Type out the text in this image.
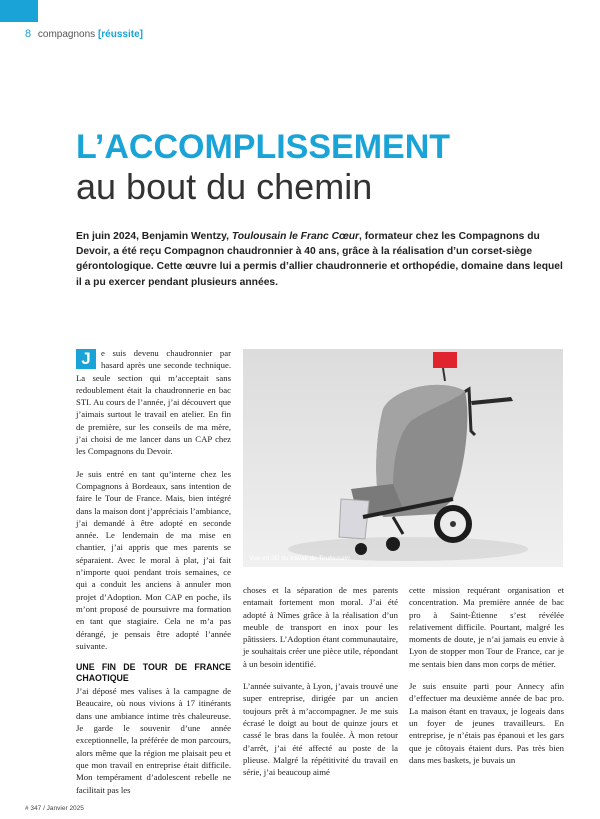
8 compagnons [réussite]
L’ACCOMPLISSEMENT
au bout du chemin

En juin 2024, Benjamin Wentzy, Toulousain le Franc Cœur, formateur chez les Compagnons du Devoir, a été reçu Compagnon chaudronnier à 40 ans, grâce à la réalisation d’un corset-siège gérontologique. Cette œuvre lui a permis d’allier chaudronnerie et orthopédie, domaine dans lequel il a pu exercer pendant plusieurs années.

J	e suis devenu chaudronnier par hasard après une seconde technique. La seule section qui m’acceptait sans redoublement était la chaudronnerie en bac STI. Au cours de l’année, j’ai découvert que j’aimais surtout le travail en atelier. En fin de première, sur les conseils de ma mère, j’ai choisi de me lancer dans un CAP chez les Compagnons du Devoir.

Je suis entré en tant qu’interne chez les Compagnons à Bordeaux, sans intention de faire le Tour de France. Mais, bien intégré dans la maison dont j’appréciais l’ambiance, j’ai demandé à être adopté en seconde année. Le lendemain de ma mise en chantier, j’ai appris que mes parents se séparaient. Avec le moral à plat, j’ai fait n’importe quoi pendant trois semaines, ce qui a conduit les anciens à annuler mon projet d’Adoption. Mon CAP en poche, ils m’ont proposé de poursuivre ma formation en tant que stagiaire. Cela ne m’a pas dérangé, je pensais être adopté l’année suivante.

UNE FIN DE TOUR DE FRANCE CHAOTIQUE

J’ai déposé mes valises à la campagne de Beaucaire, où nous vivions à 17 itinérants dans une ambiance intime très chaleureuse. Je garde le souvenir d’une année exceptionnelle, la préférée de mon parcours, alors même que la région me plaisait peu et que mon travail en entreprise était difficile. Mon tempérament d’adolescent rebelle ne facilitait pas les

Vue en 3D du travail de Toulousain.

choses et la séparation de mes parents entamait fortement mon moral. J’ai été adopté à Nîmes grâce à la réalisation d’un meuble de transport en inox pour les pâtissiers. L’Adoption étant communautaire, je souhaitais créer une pièce utile, répondant à un besoin identifié.

L’année suivante, à Lyon, j’avais trouvé une super entreprise, dirigée par un ancien toujours prêt à m’accompagner. Je me suis écrasé le doigt au bout de quinze jours et cassé le bras dans la foulée. À mon retour d’arrêt, j’ai été affecté au poste de la plieuse. Malgré la répétitivité du travail en série, j’ai beaucoup aimé

cette mission requérant organisation et concentration. Ma première année de bac pro à Saint-Étienne s’est révélée relativement difficile. Pourtant, malgré les moments de doute, je n’ai jamais eu envie à Lyon de stopper mon Tour de France, car je me sentais bien dans mon corps de métier.

Je suis ensuite parti pour Annecy afin d’effectuer ma deuxième année de bac pro. La maison étant en travaux, je logeais dans un foyer de jeunes travailleurs. En entreprise, je n’étais pas épanoui et les gars que je côtoyais étaient durs. Pas très bien dans mes baskets, je buvais un

# 347 / Janvier 2025
